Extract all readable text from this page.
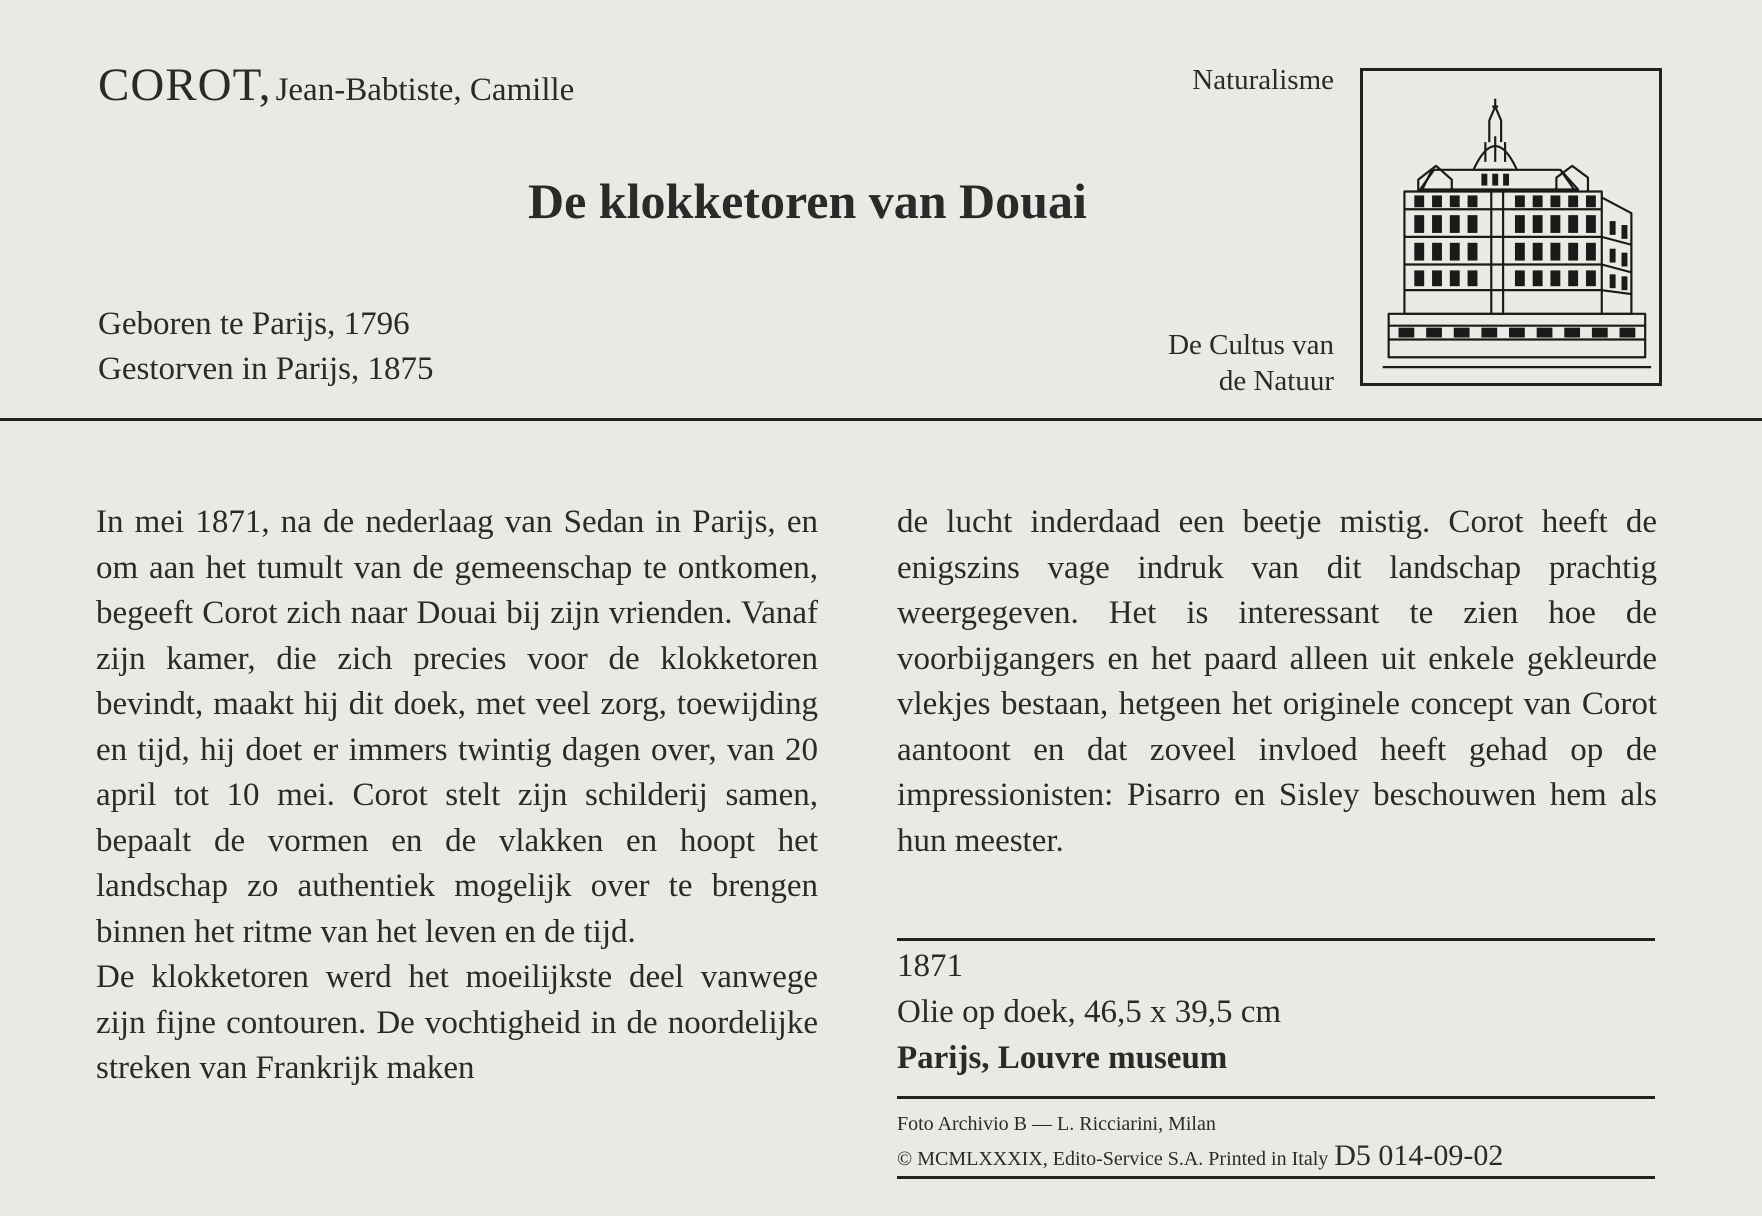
COROT, Jean-Babtiste, Camille	Naturalisme
De klokketoren van Douai
Geboren te Parijs, 1796
Gestorven in Parijs, 1875
De Cultus van
de Natuur

In mei 1871, na de nederlaag van Sedan in Parijs, en om aan het tumult van de gemeenschap te ontkomen, begeeft Corot zich naar Douai bij zijn vrienden. Vanaf zijn kamer, die zich precies voor de klokketoren bevindt, maakt hij dit doek, met veel zorg, toewijding en tijd, hij doet er immers twintig dagen over, van 20 april tot 10 mei. Corot stelt zijn schilderij samen, bepaalt de vormen en de vlakken en hoopt het landschap zo authentiek mogelijk over te brengen binnen het ritme van het leven en de tijd.

De klokketoren werd het moeilijkste deel vanwege zijn fijne contouren. De vochtigheid in de noordelijke streken van Frankrijk maken

de lucht inderdaad een beetje mistig. Corot heeft de enigszins vage indruk van dit landschap prachtig weergegeven. Het is interessant te zien hoe de voorbijgangers en het paard alleen uit enkele gekleurde vlekjes bestaan, hetgeen het originele concept van Corot aantoont en dat zoveel invloed heeft gehad op de impressionisten: Pisarro en Sisley beschouwen hem als hun meester.

1871
Olie op doek, 46,5 x 39,5 cm
Parijs, Louvre museum
Foto Archivio B — L. Ricciarini, Milan
© MCMLXXXIX, Edito-Service S.A. Printed in Italy D5 014-09-02
